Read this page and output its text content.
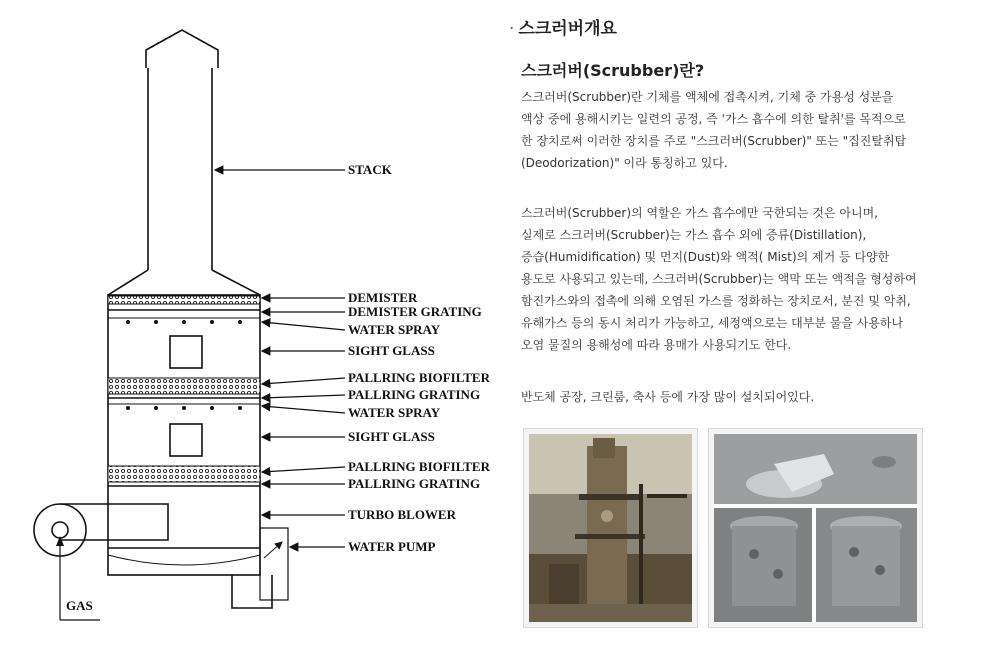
STACK
DEMISTER
DEMISTER GRATING
WATER SPRAY
SIGHT GLASS
PALLRING BIOFILTER
PALLRING GRATING
WATER SPRAY
SIGHT GLASS
PALLRING BIOFILTER
PALLRING GRATING
TURBO BLOWER
WATER PUMP
GAS
· 스크러버개요
스크러버(Scrubber)란?

스크러버(Scrubber)란 기체를 액체에 접촉시켜, 기체 중 가용성 성분을
액상 중에 용해시키는 일련의 공정, 즉 '가스 흡수에 의한 탈취'를 목적으로
한 장치로써 이러한 장치를 주로 "스크러버(Scrubber)" 또는 "집진탈취탑
(Deodorization)" 이라 통칭하고 있다.

스크러버(Scrubber)의 역할은 가스 흡수에만 국한되는 것은 아니며,
실제로 스크러버(Scrubber)는 가스 흡수 외에 증류(Distillation),
증습(Humidification) 및 먼지(Dust)와 액적( Mist)의 제거 등 다양한
용도로 사용되고 있는데, 스크러버(Scrubber)는 액막 또는 액적을 형성하여
함진가스와의 접촉에 의해 오염된 가스를 정화하는 장치로서, 분진 및 악취,
유해가스 등의 동시 처리가 가능하고, 세정액으로는 대부분 물을 사용하나
오염 물질의 용해성에 따라 용매가 사용되기도 한다.

반도체 공장, 크린룸, 축사 등에 가장 많이 설치되어있다.
